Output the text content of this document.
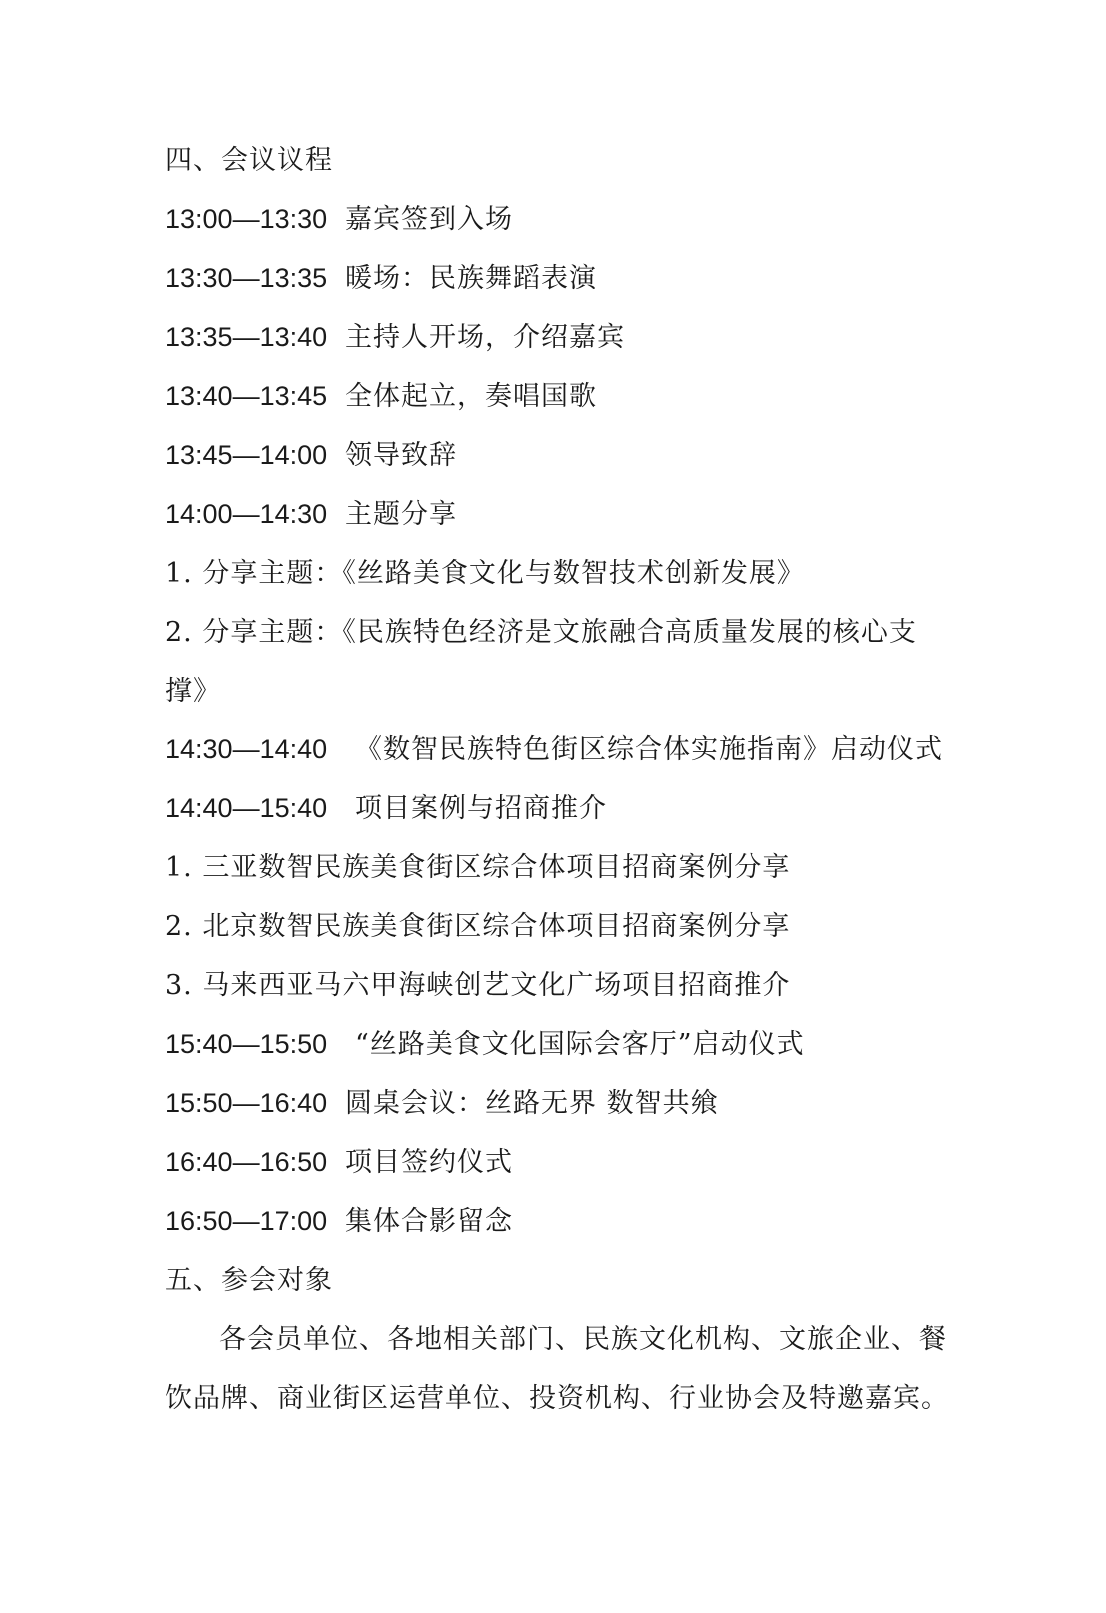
四、会议议程
13:00—13:30 嘉宾签到入场
13:30—13:35 暖场：民族舞蹈表演
13:35—13:40 主持人开场，介绍嘉宾
13:40—13:45 全体起立，奏唱国歌
13:45—14:00 领导致辞
14:00—14:30 主题分享
1. 分享主题：《丝路美食文化与数智技术创新发展》
2. 分享主题：《民族特色经济是文旅融合高质量发展的核心支
撑》
14:30—14:40 《数智民族特色街区综合体实施指南》启动仪式
14:40—15:40 项目案例与招商推介
1. 三亚数智民族美食街区综合体项目招商案例分享
2. 北京数智民族美食街区综合体项目招商案例分享
3. 马来西亚马六甲海峡创艺文化广场项目招商推介
15:40—15:50 “丝路美食文化国际会客厅”启动仪式
15:50—16:40 圆桌会议：丝路无界 数智共飨
16:40—16:50 项目签约仪式
16:50—17:00 集体合影留念
五、参会对象
各会员单位、各地相关部门、民族文化机构、文旅企业、餐
饮品牌、商业街区运营单位、投资机构、行业协会及特邀嘉宾。
